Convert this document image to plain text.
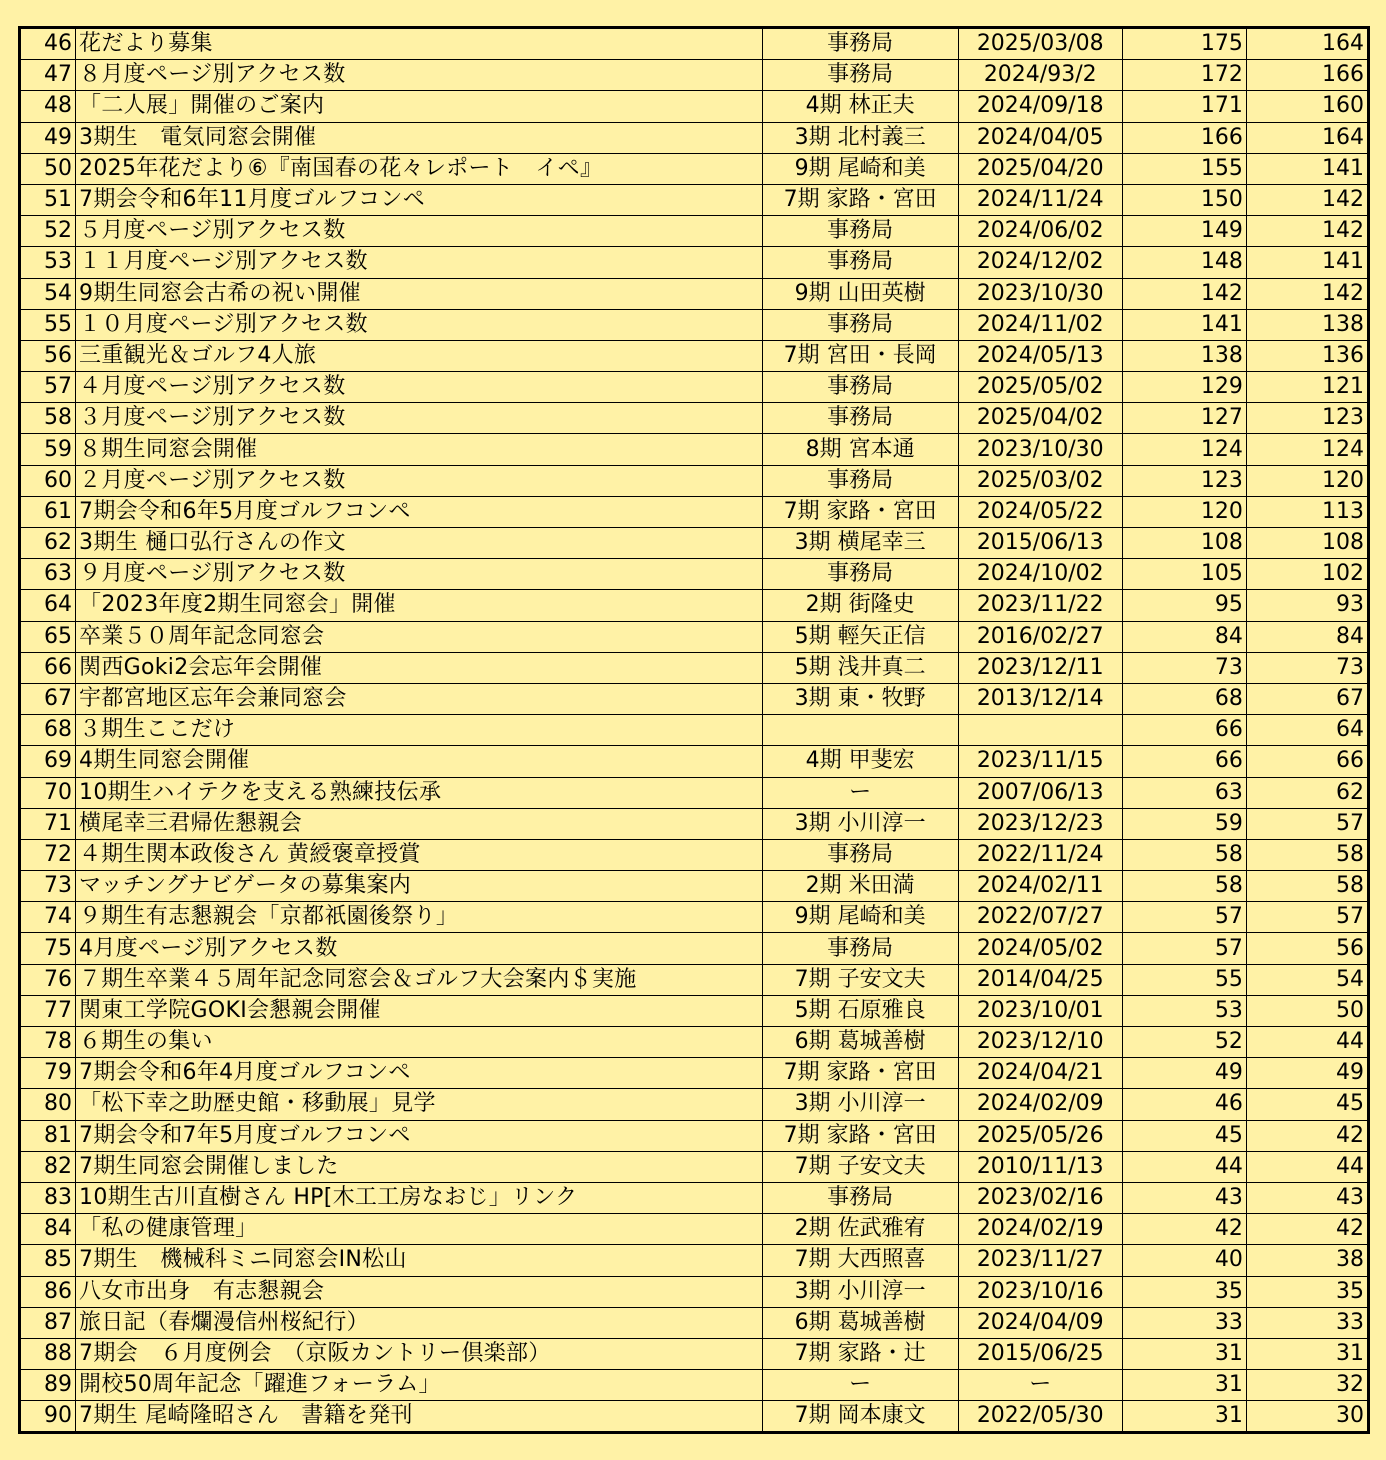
46	花だより募集	事務局	2025/03/08	175	164
47	８月度ページ別アクセス数	事務局	2024/93/2	172	166
48	「二人展」開催のご案内	4期 林正夫	2024/09/18	171	160
49	3期生　電気同窓会開催	3期 北村義三	2024/04/05	166	164
50	2025年花だより⑥『南国春の花々レポート　イペ』	9期 尾崎和美	2025/04/20	155	141
51	7期会令和6年11月度ゴルフコンペ	7期 家路・宮田	2024/11/24	150	142
52	５月度ページ別アクセス数	事務局	2024/06/02	149	142
53	１１月度ページ別アクセス数	事務局	2024/12/02	148	141
54	9期生同窓会古希の祝い開催	9期 山田英樹	2023/10/30	142	142
55	１０月度ページ別アクセス数	事務局	2024/11/02	141	138
56	三重観光＆ゴルフ4人旅	7期 宮田・長岡	2024/05/13	138	136
57	４月度ページ別アクセス数	事務局	2025/05/02	129	121
58	３月度ページ別アクセス数	事務局	2025/04/02	127	123
59	８期生同窓会開催	8期 宮本通	2023/10/30	124	124
60	２月度ページ別アクセス数	事務局	2025/03/02	123	120
61	7期会令和6年5月度ゴルフコンペ	7期 家路・宮田	2024/05/22	120	113
62	3期生 樋口弘行さんの作文	3期 横尾幸三	2015/06/13	108	108
63	９月度ページ別アクセス数	事務局	2024/10/02	105	102
64	「2023年度2期生同窓会」開催	2期 街隆史	2023/11/22	95	93
65	卒業５０周年記念同窓会	5期 輕矢正信	2016/02/27	84	84
66	関西Goki2会忘年会開催	5期 浅井真二	2023/12/11	73	73
67	宇都宮地区忘年会兼同窓会	3期 東・牧野	2013/12/14	68	67
68	３期生ここだけ			66	64
69	4期生同窓会開催	4期 甲斐宏	2023/11/15	66	66
70	10期生ハイテクを支える熟練技伝承	ー	2007/06/13	63	62
71	横尾幸三君帰佐懇親会	3期 小川淳一	2023/12/23	59	57
72	４期生関本政俊さん 黄綬褒章授賞	事務局	2022/11/24	58	58
73	マッチングナビゲータの募集案内	2期 米田満	2024/02/11	58	58
74	９期生有志懇親会「京都祇園後祭り」	9期 尾崎和美	2022/07/27	57	57
75	4月度ページ別アクセス数	事務局	2024/05/02	57	56
76	７期生卒業４５周年記念同窓会＆ゴルフ大会案内＄実施	7期 子安文夫	2014/04/25	55	54
77	関東工学院GOKI会懇親会開催	5期 石原雅良	2023/10/01	53	50
78	６期生の集い	6期 葛城善樹	2023/12/10	52	44
79	7期会令和6年4月度ゴルフコンペ	7期 家路・宮田	2024/04/21	49	49
80	「松下幸之助歴史館・移動展」見学	3期 小川淳一	2024/02/09	46	45
81	7期会令和7年5月度ゴルフコンペ	7期 家路・宮田	2025/05/26	45	42
82	7期生同窓会開催しました	7期 子安文夫	2010/11/13	44	44
83	10期生古川直樹さん HP[木工工房なおじ」リンク	事務局	2023/02/16	43	43
84	「私の健康管理」	2期 佐武雅宥	2024/02/19	42	42
85	7期生　機械科ミニ同窓会IN松山	7期 大西照喜	2023/11/27	40	38
86	八女市出身　有志懇親会	3期 小川淳一	2023/10/16	35	35
87	旅日記（春爛漫信州桜紀行）	6期 葛城善樹	2024/04/09	33	33
88	7期会　６月度例会　（京阪カントリー倶楽部）	7期 家路・辻	2015/06/25	31	31
89	開校50周年記念「躍進フォーラム」	ー	ー	31	32
90	7期生 尾崎隆昭さん　書籍を発刊	7期 岡本康文	2022/05/30	31	30
